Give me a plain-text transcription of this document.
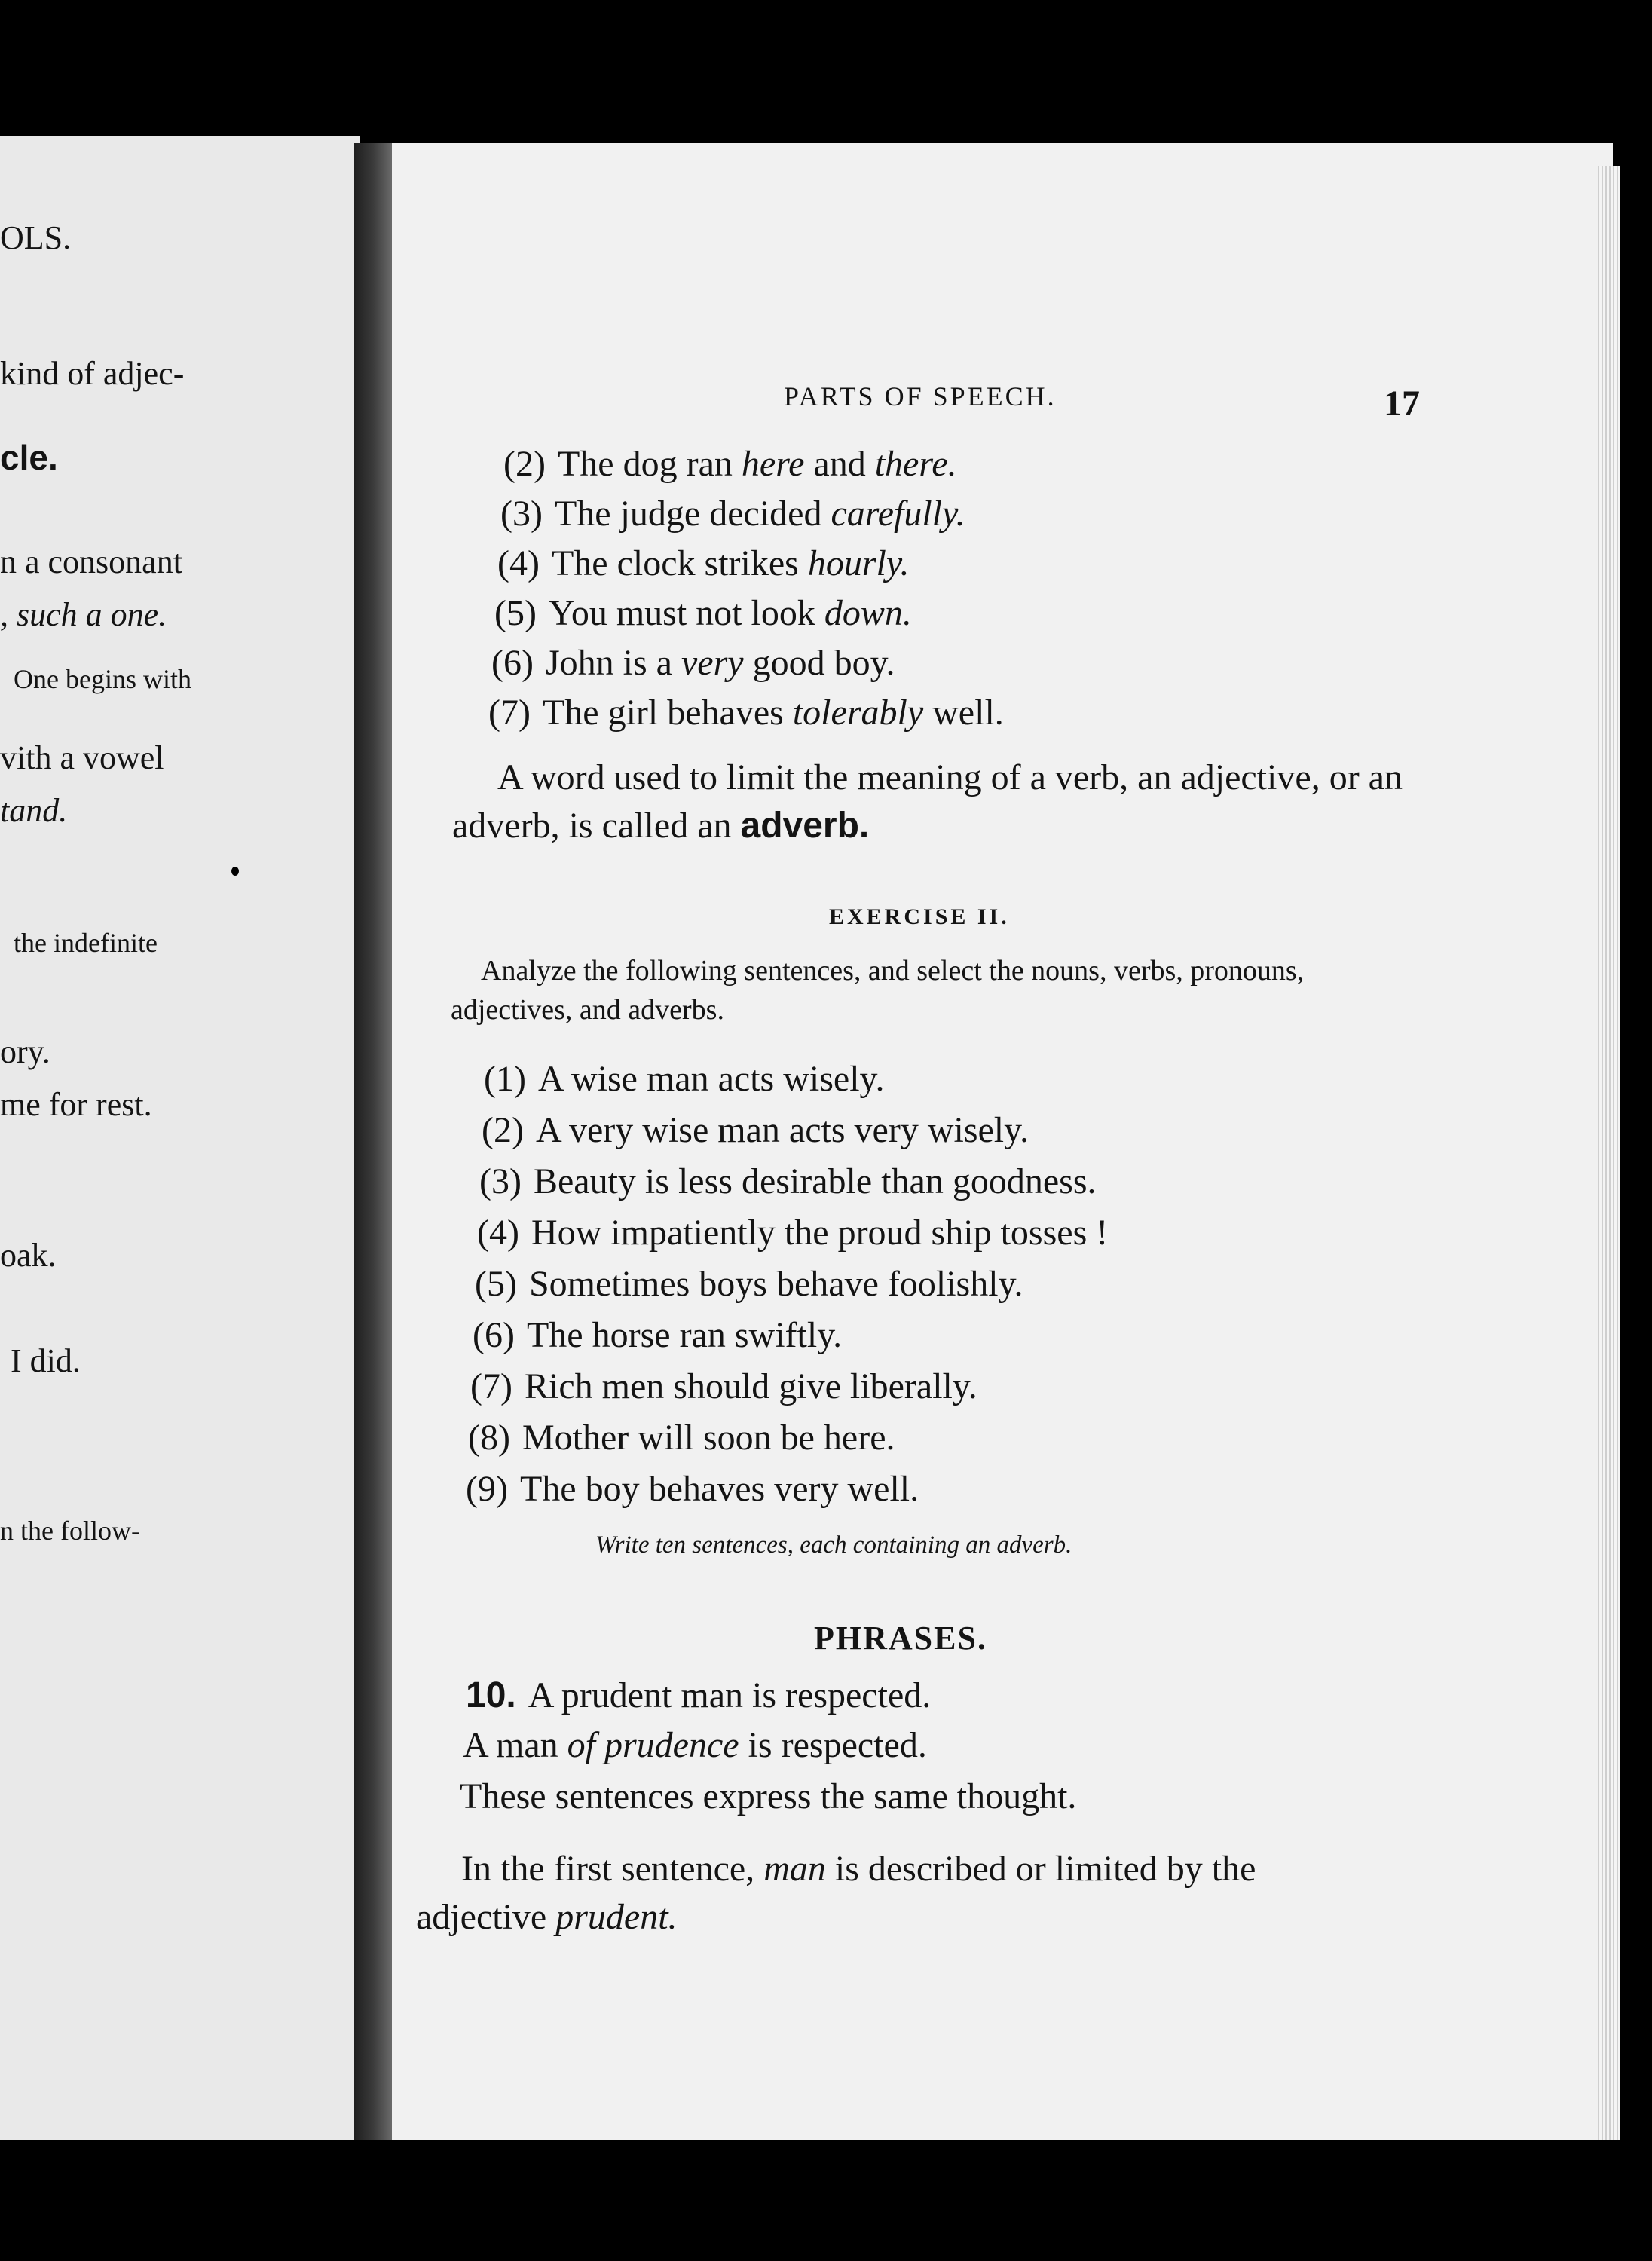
OLS.
kind of adjec-
cle.
n a consonant
, such a one.
One begins with
vith a vowel
tand.
the indefinite
ory.
me for rest.
oak.
I did.
n the follow-
PARTS OF SPEECH.	17
(2) The dog ran here and there.
(3) The judge decided carefully.
(4) The clock strikes hourly.
(5) You must not look down.
(6) John is a very good boy.
(7) The girl behaves tolerably well.
A word used to limit the meaning of a verb, an adjective, or an adverb, is called an adverb.
EXERCISE II.
Analyze the following sentences, and select the nouns, verbs, pronouns, adjectives, and adverbs.
(1) A wise man acts wisely.
(2) A very wise man acts very wisely.
(3) Beauty is less desirable than goodness.
(4) How impatiently the proud ship tosses !
(5) Sometimes boys behave foolishly.
(6) The horse ran swiftly.
(7) Rich men should give liberally.
(8) Mother will soon be here.
(9) The boy behaves very well.
Write ten sentences, each containing an adverb.
PHRASES.
10. A prudent man is respected.
A man of prudence is respected.
These sentences express the same thought.
In the first sentence, man is described or limited by the adjective prudent.
